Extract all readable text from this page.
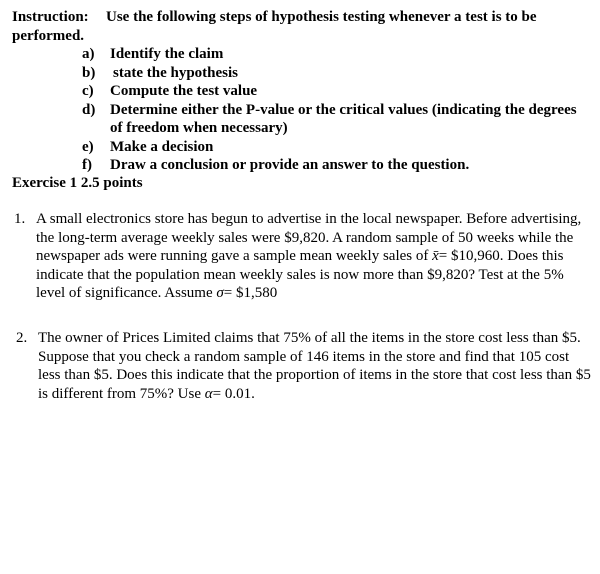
Instruction: Use the following steps of hypothesis testing whenever a test is to be performed.
a) Identify the claim
b) state the hypothesis
c) Compute the test value
d) Determine either the P-value or the critical values (indicating the degrees of freedom when necessary)
e) Make a decision
f) Draw a conclusion or provide an answer to the question.
Exercise 1 2.5 points
1. A small electronics store has begun to advertise in the local newspaper. Before advertising, the long-term average weekly sales were $9,820. A random sample of 50 weeks while the newspaper ads were running gave a sample mean weekly sales of x̄= $10,960. Does this indicate that the population mean weekly sales is now more than $9,820? Test at the 5% level of significance. Assume σ= $1,580
2. The owner of Prices Limited claims that 75% of all the items in the store cost less than $5. Suppose that you check a random sample of 146 items in the store and find that 105 cost less than $5. Does this indicate that the proportion of items in the store that cost less than $5 is different from 75%? Use α= 0.01.
